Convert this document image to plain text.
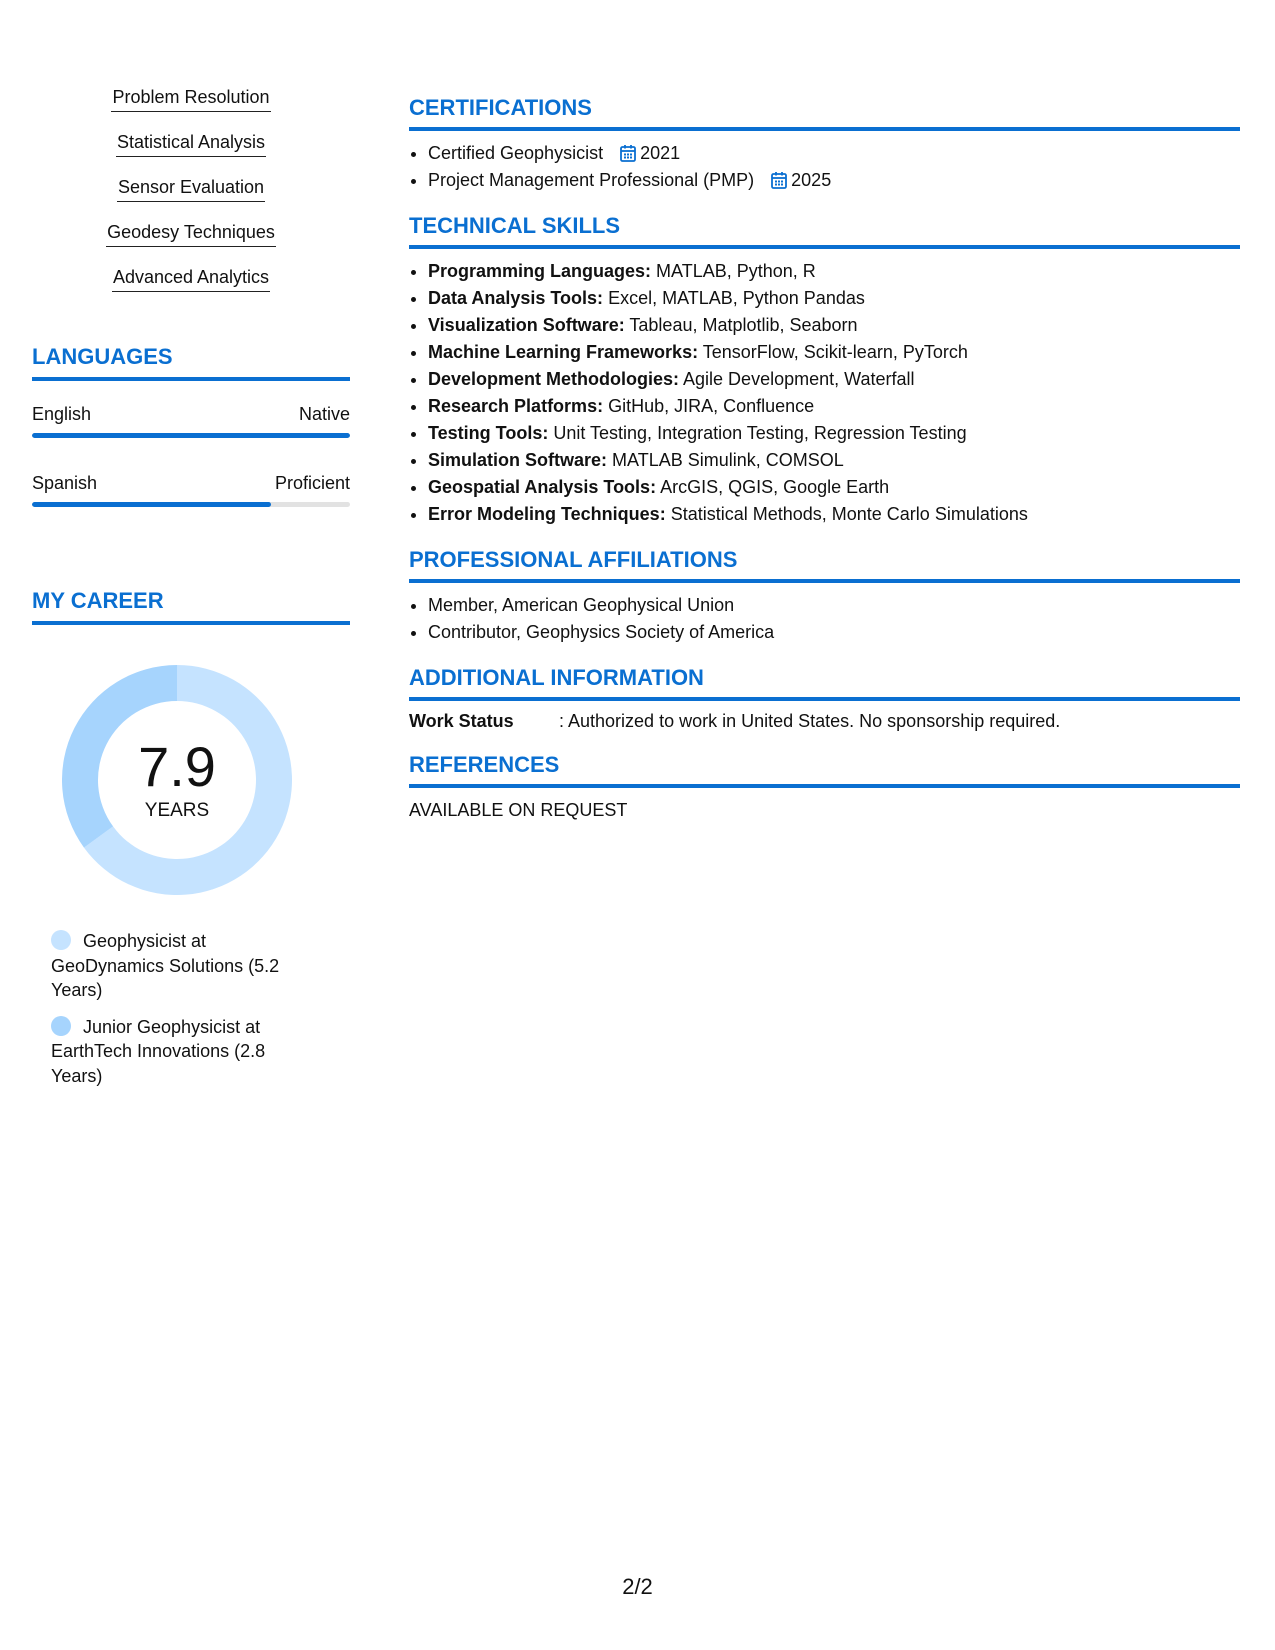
Problem Resolution
Statistical Analysis
Sensor Evaluation
Geodesy Techniques
Advanced Analytics
LANGUAGES
English	Native
Spanish	Proficient
MY CAREER
7.9
YEARS
Geophysicist at GeoDynamics Solutions (5.2 Years)
Junior Geophysicist at EarthTech Innovations (2.8 Years)
CERTIFICATIONS
• Certified Geophysicist 2021
• Project Management Professional (PMP) 2025
TECHNICAL SKILLS
• Programming Languages: MATLAB, Python, R
• Data Analysis Tools: Excel, MATLAB, Python Pandas
• Visualization Software: Tableau, Matplotlib, Seaborn
• Machine Learning Frameworks: TensorFlow, Scikit-learn, PyTorch
• Development Methodologies: Agile Development, Waterfall
• Research Platforms: GitHub, JIRA, Confluence
• Testing Tools: Unit Testing, Integration Testing, Regression Testing
• Simulation Software: MATLAB Simulink, COMSOL
• Geospatial Analysis Tools: ArcGIS, QGIS, Google Earth
• Error Modeling Techniques: Statistical Methods, Monte Carlo Simulations
PROFESSIONAL AFFILIATIONS
• Member, American Geophysical Union
• Contributor, Geophysics Society of America
ADDITIONAL INFORMATION
Work Status	: Authorized to work in United States. No sponsorship required.
REFERENCES
AVAILABLE ON REQUEST
2/2
